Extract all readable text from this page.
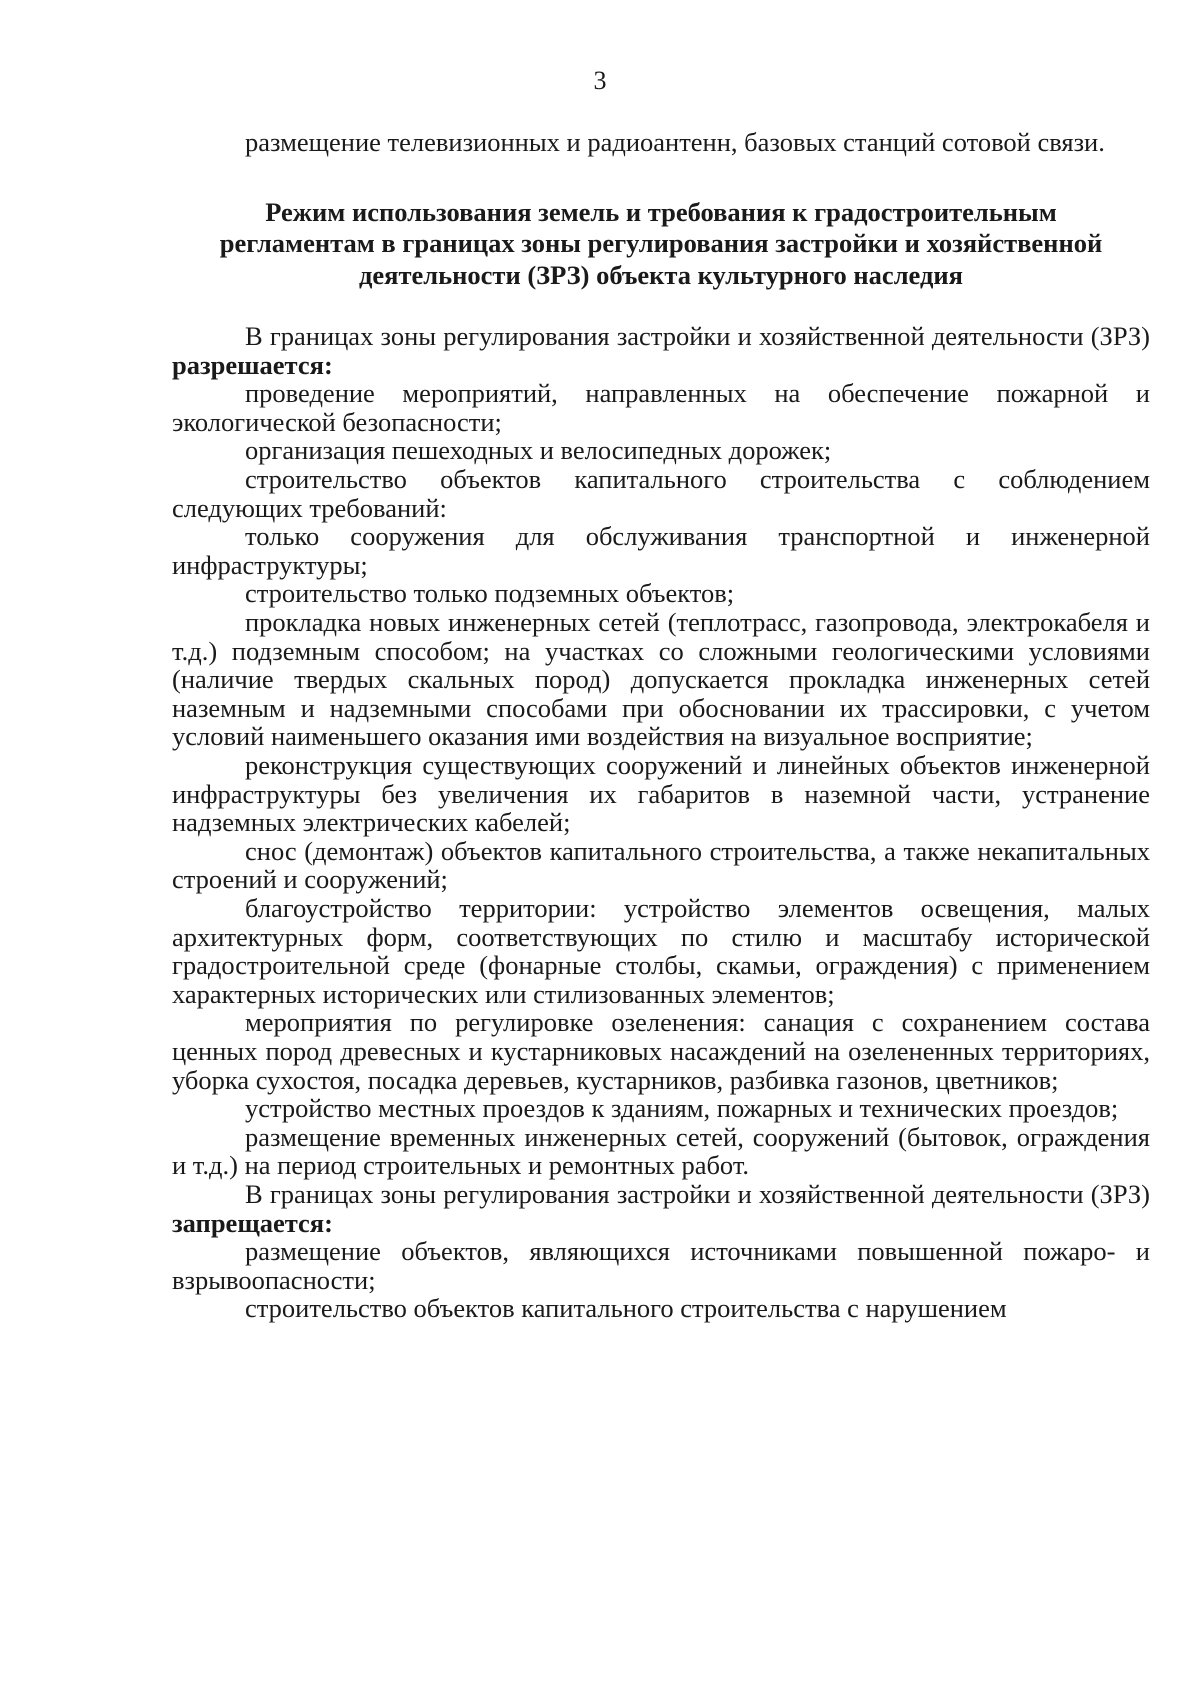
3

размещение телевизионных и радиоантенн, базовых станций сотовой связи.

Режим использования земель и требования к градостроительным
регламентам в границах зоны регулирования застройки и хозяйственной
деятельности (ЗРЗ) объекта культурного наследия

В границах зоны регулирования застройки и хозяйственной деятельности (ЗРЗ) разрешается:

проведение мероприятий, направленных на обеспечение пожарной и экологической безопасности;

организация пешеходных и велосипедных дорожек;

строительство объектов капитального строительства с соблюдением следующих требований:

только сооружения для обслуживания транспортной и инженерной инфраструктуры;

строительство только подземных объектов;

прокладка новых инженерных сетей (теплотрасс, газопровода, электрокабеля и т.д.) подземным способом; на участках со сложными геологическими условиями (наличие твердых скальных пород) допускается прокладка инженерных сетей наземным и надземными способами при обосновании их трассировки, с учетом условий наименьшего оказания ими воздействия на визуальное восприятие;

реконструкция существующих сооружений и линейных объектов инженерной инфраструктуры без увеличения их габаритов в наземной части, устранение надземных электрических кабелей;

снос (демонтаж) объектов капитального строительства, а также некапитальных строений и сооружений;

благоустройство территории: устройство элементов освещения, малых архитектурных форм, соответствующих по стилю и масштабу исторической градостроительной среде (фонарные столбы, скамьи, ограждения) с применением характерных исторических или стилизованных элементов;

мероприятия по регулировке озеленения: санация с сохранением состава ценных пород древесных и кустарниковых насаждений на озелененных территориях, уборка сухостоя, посадка деревьев, кустарников, разбивка газонов, цветников;

устройство местных проездов к зданиям, пожарных и технических проездов;

размещение временных инженерных сетей, сооружений (бытовок, ограждения и т.д.) на период строительных и ремонтных работ.

В границах зоны регулирования застройки и хозяйственной деятельности (ЗРЗ) запрещается:

размещение объектов, являющихся источниками повышенной пожаро- и взрывоопасности;

строительство объектов капитального строительства с нарушением
